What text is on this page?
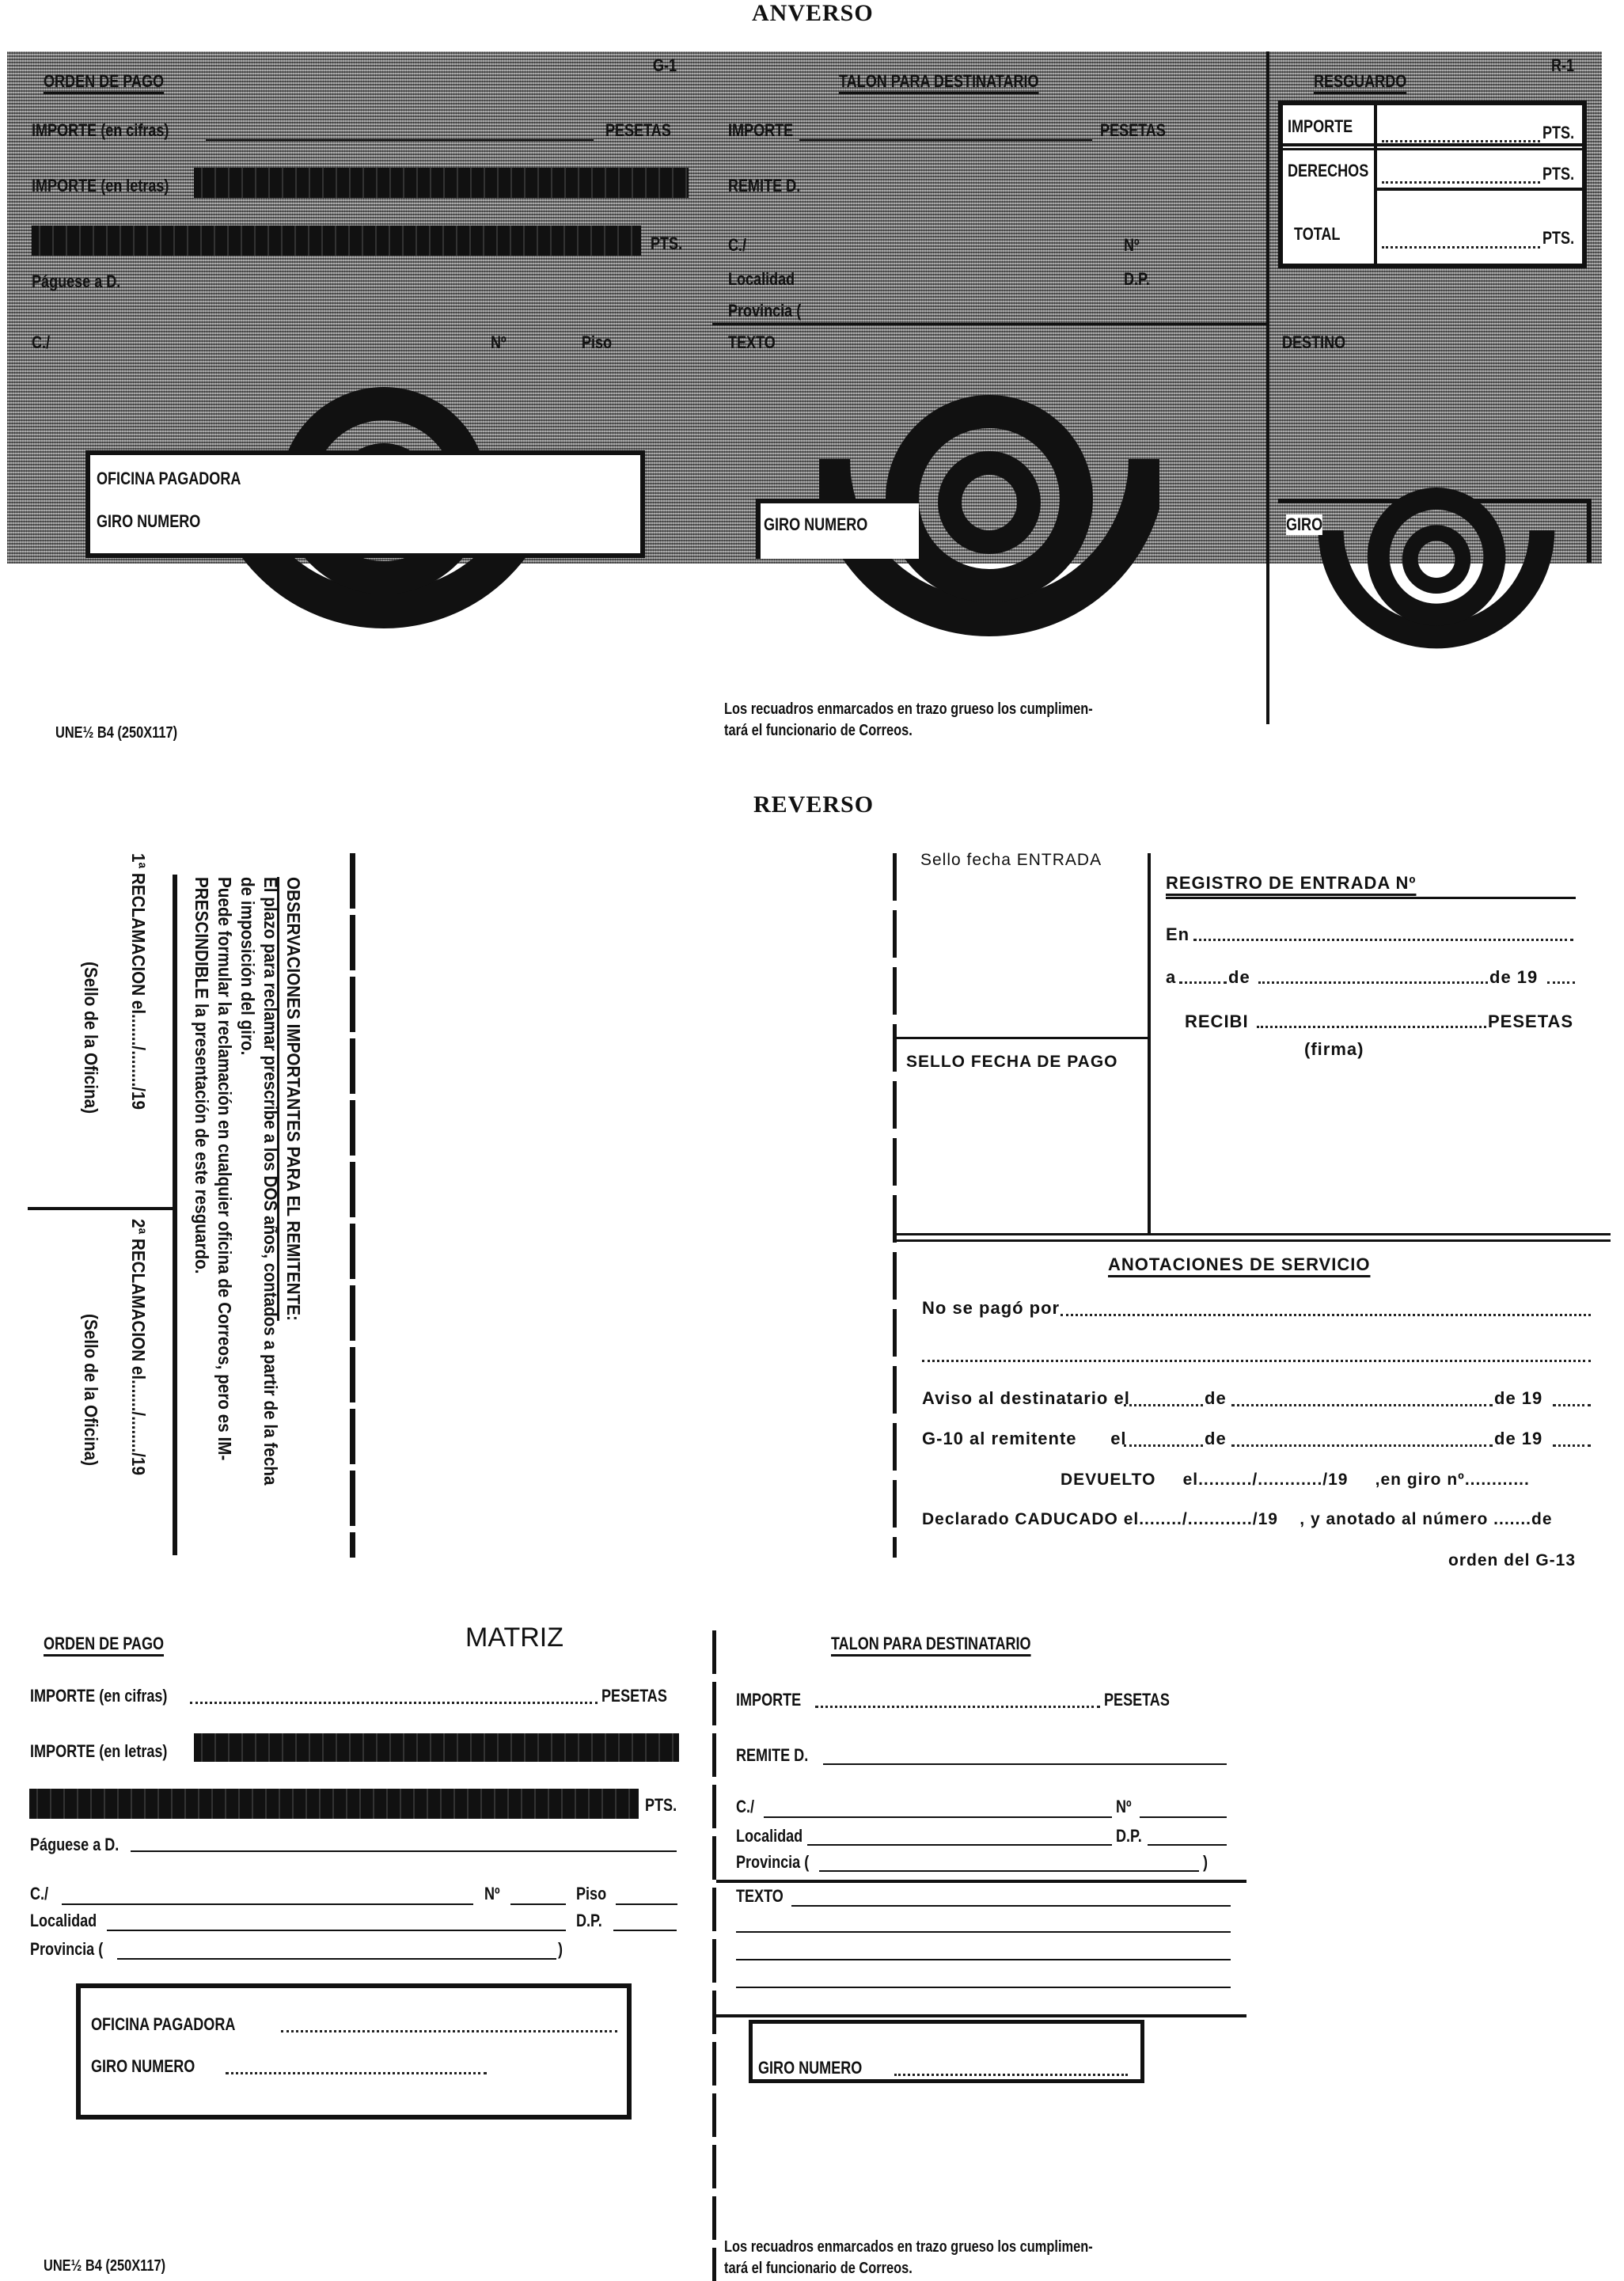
ANVERSO
ORDEN DE PAGO
G-1
IMPORTE (en cifras)	PESETAS
IMPORTE (en letras)
PTS.
Páguese a D.
C./	Nº	Piso
OFICINA PAGADORA
GIRO NUMERO
TALON PARA DESTINATARIO
IMPORTE	PESETAS
REMITE D.
C./	Nº
Localidad	D.P.
Provincia (
TEXTO
GIRO NUMERO
RESGUARDO
R-1
IMPORTE	PTS.
DERECHOS	PTS.
TOTAL	PTS.
DESTINO
GIRO
Los recuadros enmarcados en trazo grueso los cumplimen-
tará el funcionario de Correos.
UNE½ B4 (250X117)
REVERSO
OBSERVACIONES IMPORTANTES PARA EL REMITENTE:
El plazo para reclamar prescribe a los DOS años, contados a partir de la fecha
de imposición del giro.
Puede formular la reclamación en cualquier oficina de Correos, pero es IM-
PRESCINDIBLE la presentación de este resguardo.
1ª RECLAMACION el......./......../19
(Sello de la Oficina)
2ª RECLAMACION el......./......../19
(Sello de la Oficina)
Sello fecha ENTRADA
SELLO FECHA DE PAGO
REGISTRO DE ENTRADA Nº
En
a	de	de 19
RECIBI	PESETAS
(firma)
ANOTACIONES DE SERVICIO
No se pagó por
Aviso al destinatario el	de	de 19
G-10 al remitente      el	de	de 19
DEVUELTO     el........../............/19     ,en giro nº............
Declarado CADUCADO el......../............/19    , y anotado al número .......de
orden del G-13
ORDEN DE PAGO	MATRIZ
IMPORTE (en cifras)	PESETAS
IMPORTE (en letras)
PTS.
Páguese a D.
C./	Nº	Piso
Localidad	D.P.
Provincia (	)
OFICINA PAGADORA
GIRO NUMERO
TALON PARA DESTINATARIO
IMPORTE	PESETAS
REMITE D.
C./	Nº
Localidad	D.P.
Provincia (	)
TEXTO
GIRO NUMERO
Los recuadros enmarcados en trazo grueso los cumplimen-
tará el funcionario de Correos.
UNE½ B4 (250X117)
